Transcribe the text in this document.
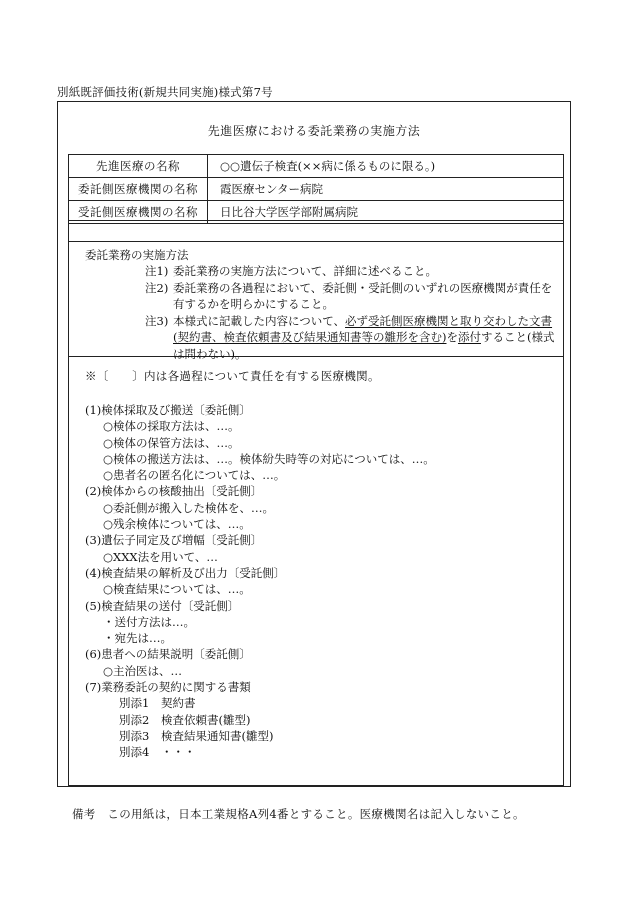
別紙既評価技術(新規共同実施)様式第7号
先進医療における委託業務の実施方法
先進医療の名称	○○遺伝子検査(××病に係るものに限る。)
委託側医療機関の名称	霞医療センター病院
受託側医療機関の名称	日比谷大学医学部附属病院
委託業務の実施方法
注1) 委託業務の実施方法について、詳細に述べること。
注2) 委託業務の各過程において、委託側・受託側のいずれの医療機関が責任を有するかを明らかにすること。
注3) 本様式に記載した内容について、必ず受託側医療機関と取り交わした文書(契約書、検査依頼書及び結果通知書等の雛形を含む)を添付すること(様式は問わない)。
※〔　　〕内は各過程について責任を有する医療機関。
(1)検体採取及び搬送〔委託側〕
○検体の採取方法は、…。
○検体の保管方法は、…。
○検体の搬送方法は、…。検体紛失時等の対応については、…。
○患者名の匿名化については、…。
(2)検体からの核酸抽出〔受託側〕
○委託側が搬入した検体を、…。
○残余検体については、…。
(3)遺伝子同定及び増幅〔受託側〕
○XXX法を用いて、…
(4)検査結果の解析及び出力〔受託側〕
○検査結果については、…。
(5)検査結果の送付〔受託側〕
・送付方法は…。
・宛先は…。
(6)患者への結果説明〔委託側〕
○主治医は、…
(7)業務委託の契約に関する書類
別添1	契約書
別添2	検査依頼書(雛型)
別添3	検査結果通知書(雛型)
別添4	・・・
備考　この用紙は，日本工業規格A列4番とすること。医療機関名は記入しないこと。
